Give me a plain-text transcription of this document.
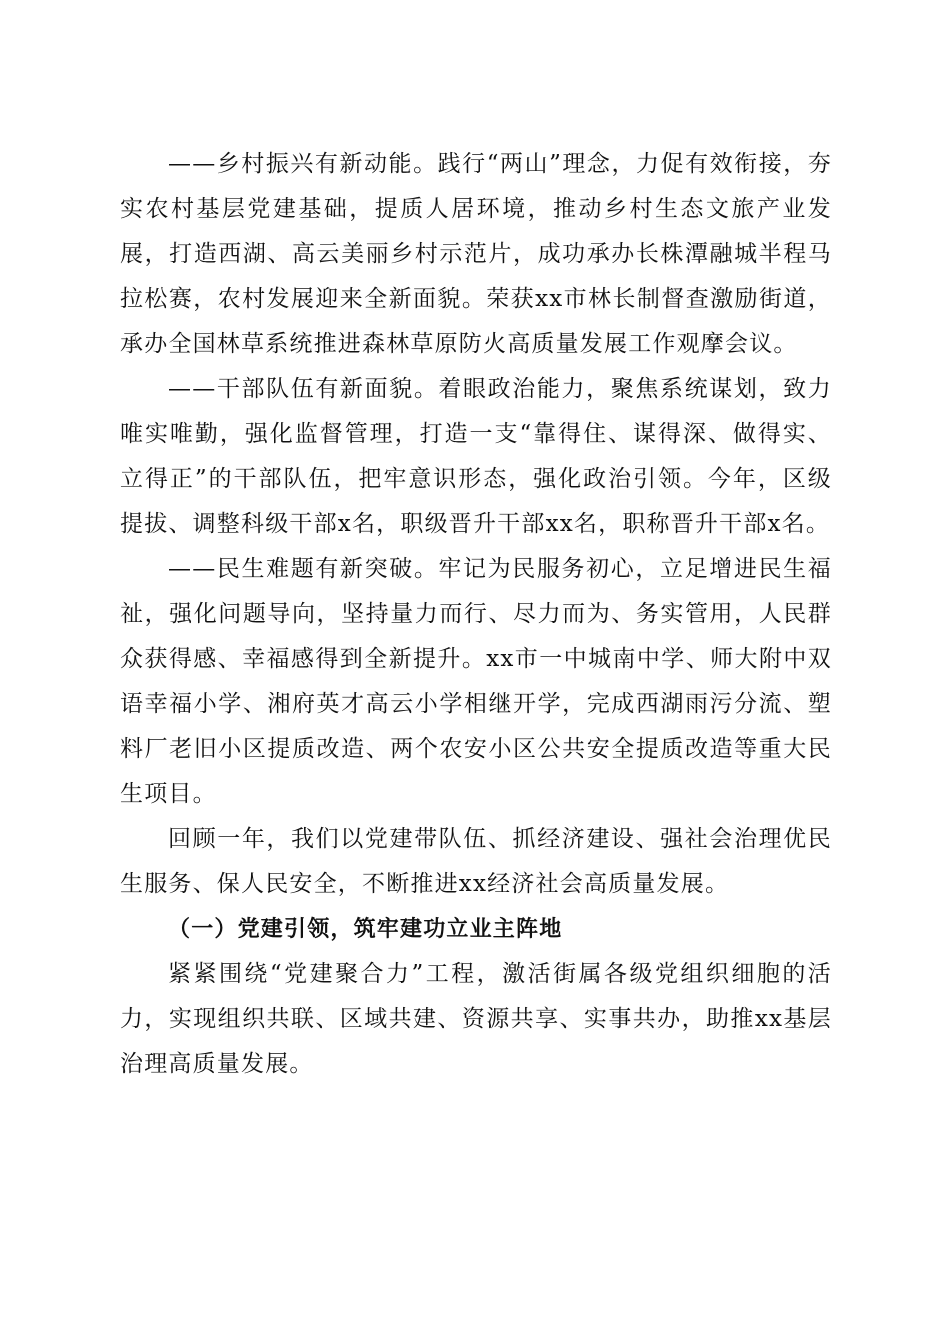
——乡村振兴有新动能。践行“两山”理念，力促有效衔接，夯实农村基层党建基础，提质人居环境，推动乡村生态文旅产业发展，打造西湖、高云美丽乡村示范片，成功承办长株潭融城半程马拉松赛，农村发展迎来全新面貌。荣获xx市林长制督查激励街道，承办全国林草系统推进森林草原防火高质量发展工作观摩会议。

——干部队伍有新面貌。着眼政治能力，聚焦系统谋划，致力唯实唯勤，强化监督管理，打造一支“靠得住、谋得深、做得实、立得正”的干部队伍，把牢意识形态，强化政治引领。今年，区级提拔、调整科级干部x名，职级晋升干部xx名，职称晋升干部x名。

——民生难题有新突破。牢记为民服务初心，立足增进民生福祉，强化问题导向，坚持量力而行、尽力而为、务实管用，人民群众获得感、幸福感得到全新提升。xx市一中城南中学、师大附中双语幸福小学、湘府英才高云小学相继开学，完成西湖雨污分流、塑料厂老旧小区提质改造、两个农安小区公共安全提质改造等重大民生项目。

回顾一年，我们以党建带队伍、抓经济建设、强社会治理优民生服务、保人民安全，不断推进xx经济社会高质量发展。

（一）党建引领，筑牢建功立业主阵地

紧紧围绕“党建聚合力”工程，激活街属各级党组织细胞的活力，实现组织共联、区域共建、资源共享、实事共办，助推xx基层治理高质量发展。
